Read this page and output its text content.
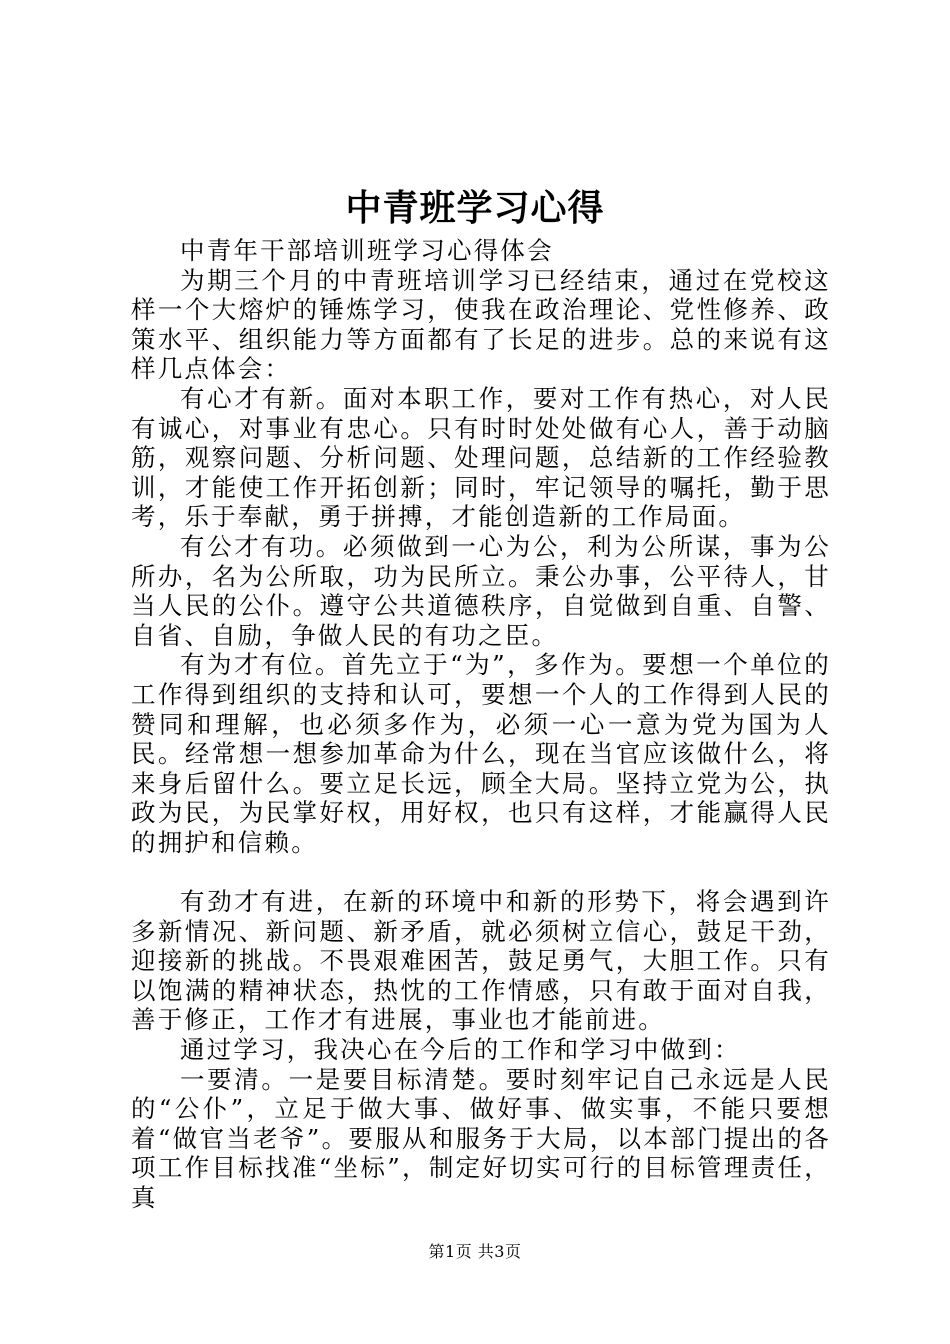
中青班学习心得

中青年干部培训班学习心得体会

为期三个月的中青班培训学习已经结束，通过在党校这样一个大熔炉的锤炼学习，使我在政治理论、党性修养、政策水平、组织能力等方面都有了长足的进步。总的来说有这样几点体会：

有心才有新。面对本职工作，要对工作有热心，对人民有诚心，对事业有忠心。只有时时处处做有心人，善于动脑筋，观察问题、分析问题、处理问题，总结新的工作经验教训，才能使工作开拓创新；同时，牢记领导的嘱托，勤于思考，乐于奉献，勇于拼搏，才能创造新的工作局面。

有公才有功。必须做到一心为公，利为公所谋，事为公所办，名为公所取，功为民所立。秉公办事，公平待人，甘当人民的公仆。遵守公共道德秩序，自觉做到自重、自警、自省、自励，争做人民的有功之臣。

有为才有位。首先立于“为”，多作为。要想一个单位的工作得到组织的支持和认可，要想一个人的工作得到人民的赞同和理解，也必须多作为，必须一心一意为党为国为人民。经常想一想参加革命为什么，现在当官应该做什么，将来身后留什么。要立足长远，顾全大局。坚持立党为公，执政为民，为民掌好权，用好权，也只有这样，才能赢得人民的拥护和信赖。

有劲才有进，在新的环境中和新的形势下，将会遇到许多新情况、新问题、新矛盾，就必须树立信心，鼓足干劲，迎接新的挑战。不畏艰难困苦，鼓足勇气，大胆工作。只有以饱满的精神状态，热忱的工作情感，只有敢于面对自我，善于修正，工作才有进展，事业也才能前进。

通过学习，我决心在今后的工作和学习中做到：

一要清。一是要目标清楚。要时刻牢记自己永远是人民的“公仆”，立足于做大事、做好事、做实事，不能只要想着“做官当老爷”。要服从和服务于大局，以本部门提出的各项工作目标找准“坐标”，制定好切实可行的目标管理责任，真

第1页 共3页
